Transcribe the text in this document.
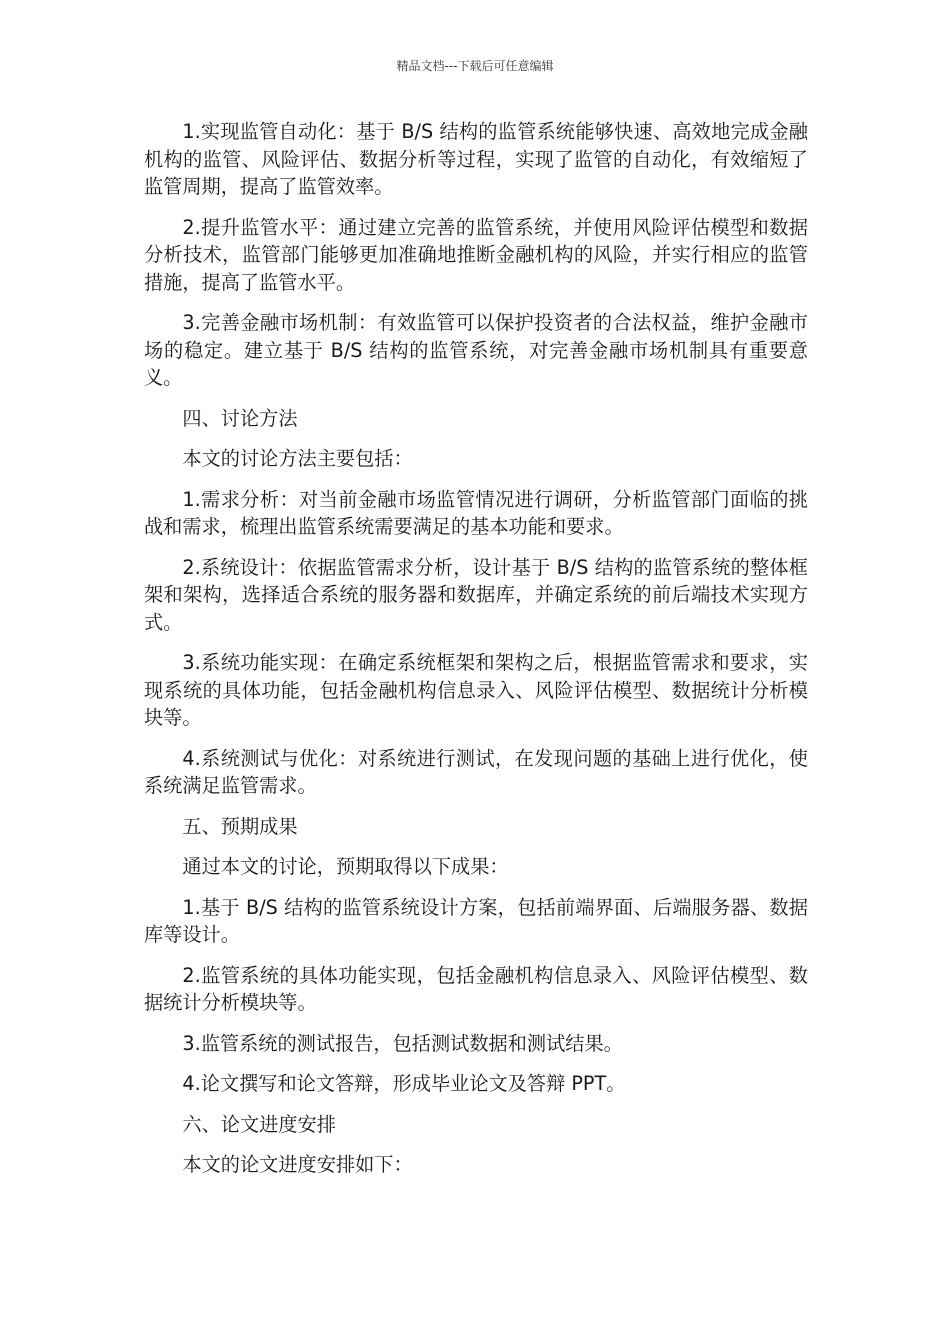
精品文档---下载后可任意编辑

1.实现监管自动化：基于 B/S 结构的监管系统能够快速、高效地完成金融机构的监管、风险评估、数据分析等过程，实现了监管的自动化，有效缩短了监管周期，提高了监管效率。

2.提升监管水平：通过建立完善的监管系统，并使用风险评估模型和数据分析技术，监管部门能够更加准确地推断金融机构的风险，并实行相应的监管措施，提高了监管水平。

3.完善金融市场机制：有效监管可以保护投资者的合法权益，维护金融市场的稳定。建立基于 B/S 结构的监管系统，对完善金融市场机制具有重要意义。

四、讨论方法

本文的讨论方法主要包括：

1.需求分析：对当前金融市场监管情况进行调研，分析监管部门面临的挑战和需求，梳理出监管系统需要满足的基本功能和要求。

2.系统设计：依据监管需求分析，设计基于 B/S 结构的监管系统的整体框架和架构，选择适合系统的服务器和数据库，并确定系统的前后端技术实现方式。

3.系统功能实现：在确定系统框架和架构之后，根据监管需求和要求，实现系统的具体功能，包括金融机构信息录入、风险评估模型、数据统计分析模块等。

4.系统测试与优化：对系统进行测试，在发现问题的基础上进行优化，使系统满足监管需求。

五、预期成果

通过本文的讨论，预期取得以下成果：

1.基于 B/S 结构的监管系统设计方案，包括前端界面、后端服务器、数据库等设计。

2.监管系统的具体功能实现，包括金融机构信息录入、风险评估模型、数据统计分析模块等。

3.监管系统的测试报告，包括测试数据和测试结果。

4.论文撰写和论文答辩，形成毕业论文及答辩 PPT。

六、论文进度安排

本文的论文进度安排如下：
